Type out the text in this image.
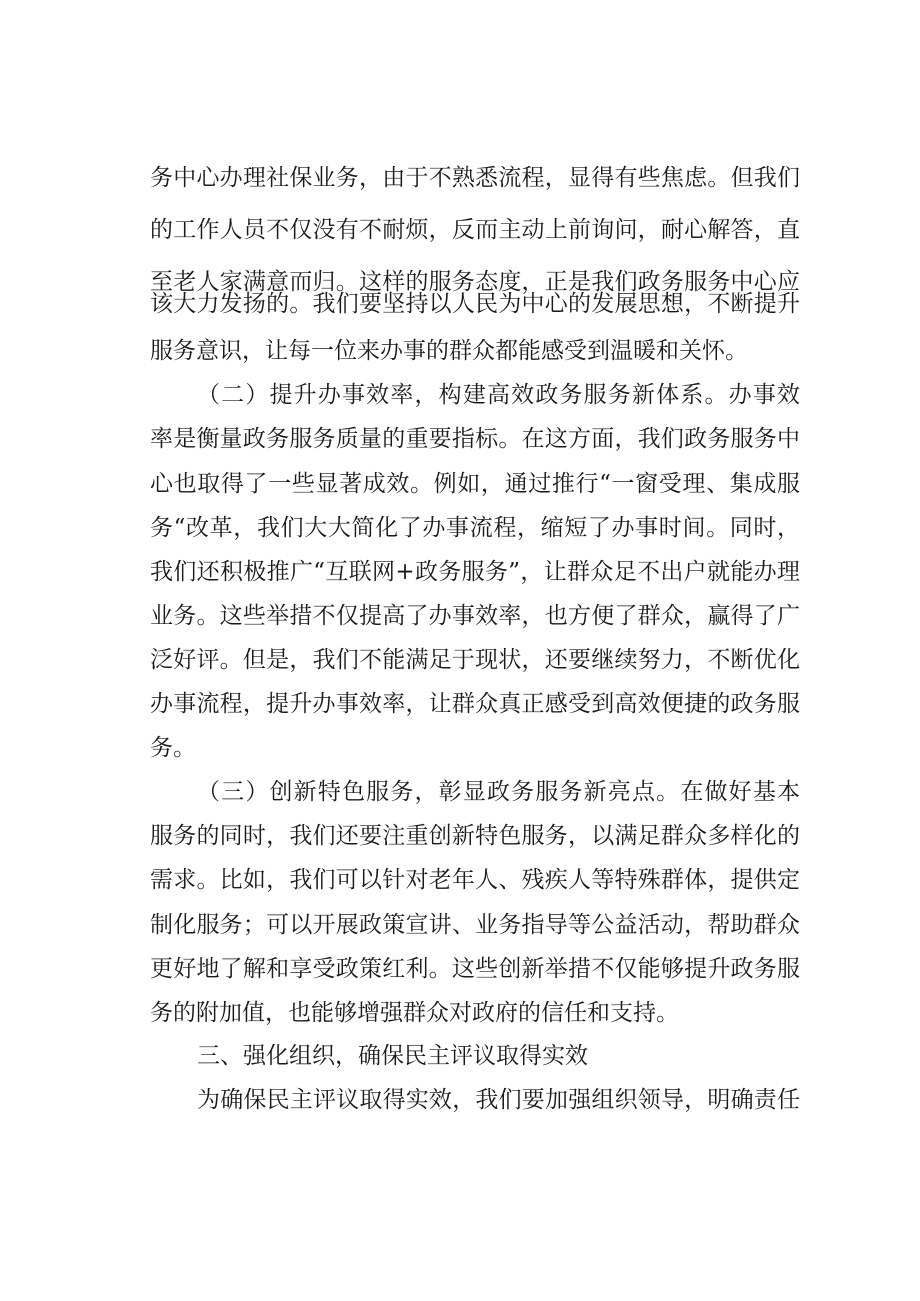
务中心办理社保业务，由于不熟悉流程，显得有些焦虑。但我们
的工作人员不仅没有不耐烦，反而主动上前询问，耐心解答，直
至老人家满意而归。这样的服务态度，正是我们政务服务中心应
该大力发扬的。我们要坚持以人民为中心的发展思想，不断提升
服务意识，让每一位来办事的群众都能感受到温暖和关怀。
（二）提升办事效率，构建高效政务服务新体系。办事效
率是衡量政务服务质量的重要指标。在这方面，我们政务服务中
心也取得了一些显著成效。例如，通过推行“一窗受理、集成服
务“改革，我们大大简化了办事流程，缩短了办事时间。同时，
我们还积极推广“互联网+政务服务”，让群众足不出户就能办理
业务。这些举措不仅提高了办事效率，也方便了群众，赢得了广
泛好评。但是，我们不能满足于现状，还要继续努力，不断优化
办事流程，提升办事效率，让群众真正感受到高效便捷的政务服
务。
（三）创新特色服务，彰显政务服务新亮点。在做好基本
服务的同时，我们还要注重创新特色服务，以满足群众多样化的
需求。比如，我们可以针对老年人、残疾人等特殊群体，提供定
制化服务；可以开展政策宣讲、业务指导等公益活动，帮助群众
更好地了解和享受政策红利。这些创新举措不仅能够提升政务服
务的附加值，也能够增强群众对政府的信任和支持。
三、强化组织，确保民主评议取得实效
为确保民主评议取得实效，我们要加强组织领导，明确责任
